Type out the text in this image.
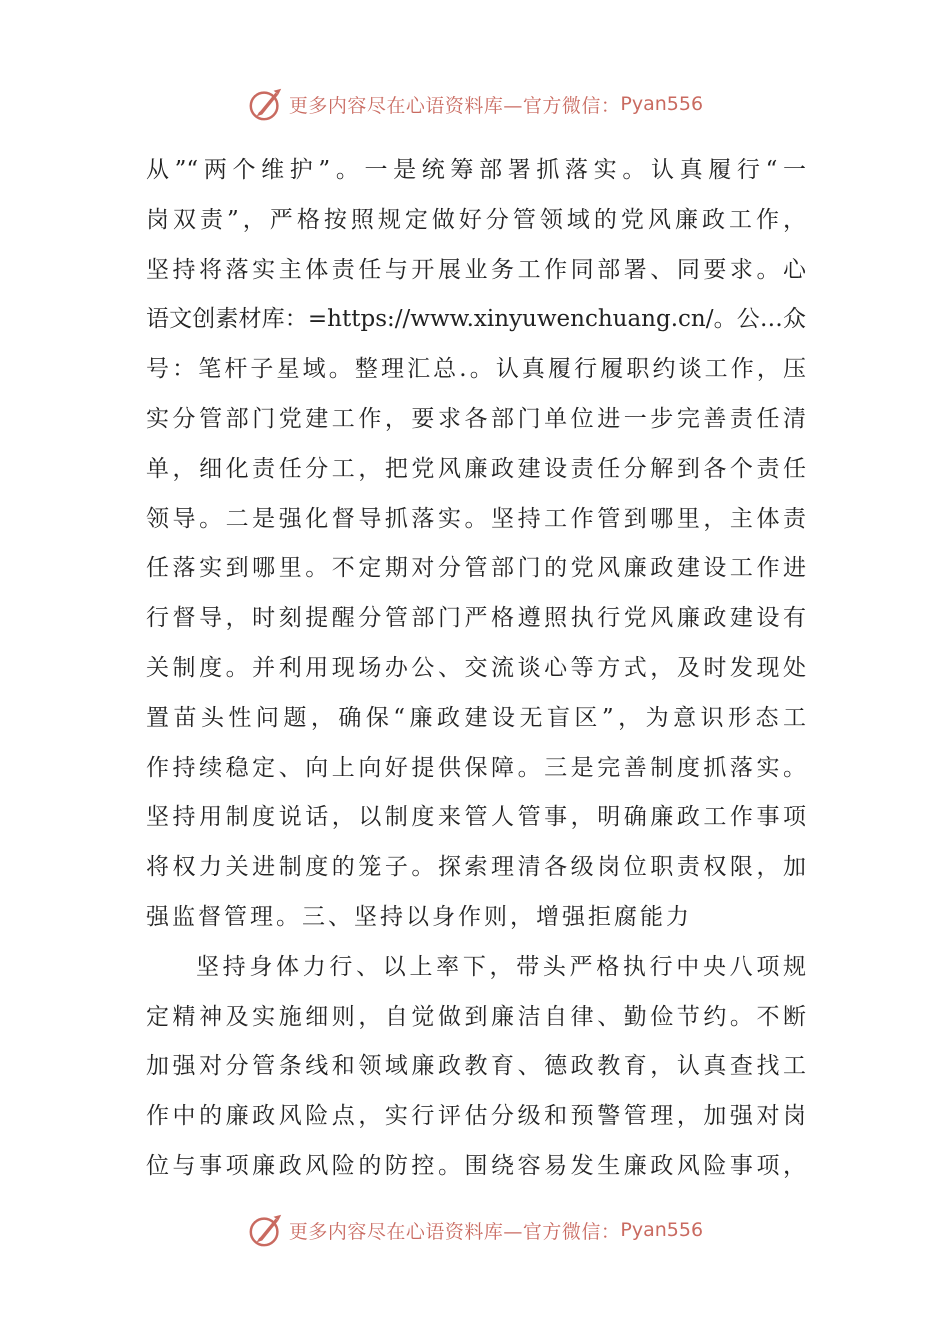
更多内容尽在心语资料库—官方微信： Pyan556
从”“两个维护”。一是统筹部署抓落实。认真履行“一
岗双责”，严格按照规定做好分管领域的党风廉政工作，
坚持将落实主体责任与开展业务工作同部署、同要求。心
语文创素材库：=https://www.xinyuwenchuang.cn/。公…众
号：笔杆子星域。整理汇总.。认真履行履职约谈工作，压
实分管部门党建工作，要求各部门单位进一步完善责任清
单，细化责任分工，把党风廉政建设责任分解到各个责任
领导。二是强化督导抓落实。坚持工作管到哪里，主体责
任落实到哪里。不定期对分管部门的党风廉政建设工作进
行督导，时刻提醒分管部门严格遵照执行党风廉政建设有
关制度。并利用现场办公、交流谈心等方式，及时发现处
置苗头性问题，确保“廉政建设无盲区”，为意识形态工
作持续稳定、向上向好提供保障。三是完善制度抓落实。
坚持用制度说话，以制度来管人管事，明确廉政工作事项
将权力关进制度的笼子。探索理清各级岗位职责权限，加
强监督管理。三、坚持以身作则，增强拒腐能力
坚持身体力行、以上率下，带头严格执行中央八项规
定精神及实施细则，自觉做到廉洁自律、勤俭节约。不断
加强对分管条线和领域廉政教育、德政教育，认真查找工
作中的廉政风险点，实行评估分级和预警管理，加强对岗
位与事项廉政风险的防控。围绕容易发生廉政风险事项，
更多内容尽在心语资料库—官方微信： Pyan556
